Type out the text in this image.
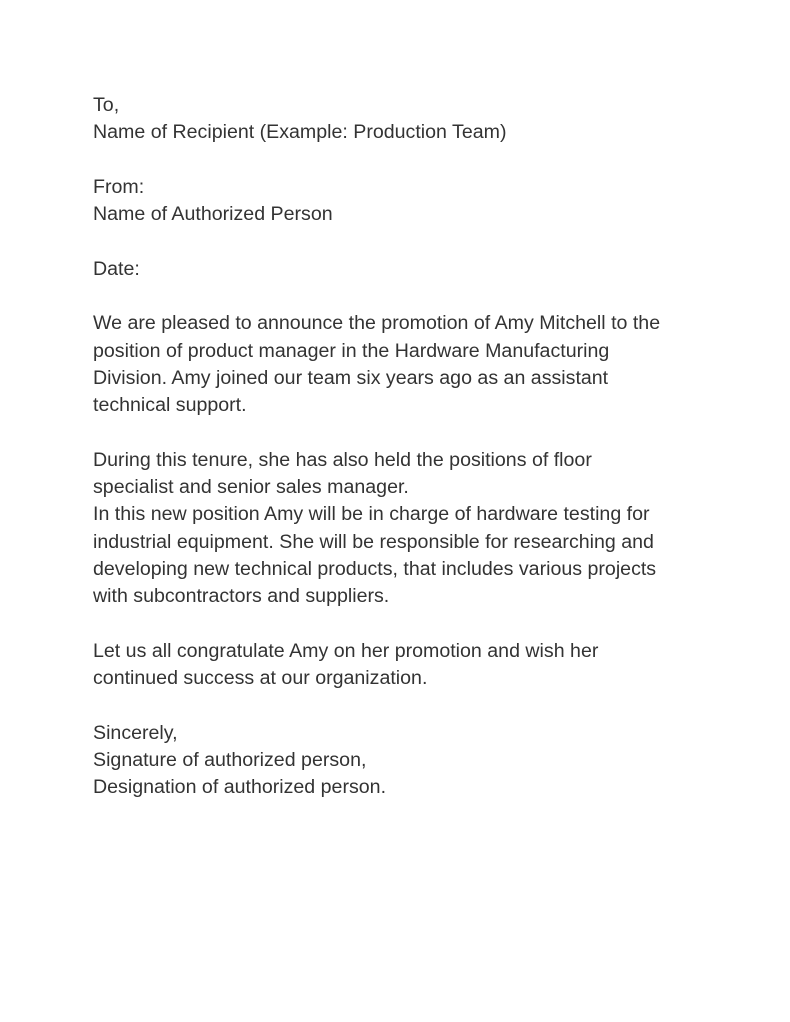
To,
Name of Recipient (Example: Production Team)
From:
Name of Authorized Person
Date:
We are pleased to announce the promotion of Amy Mitchell to the
position of product manager in the Hardware Manufacturing
Division. Amy joined our team six years ago as an assistant
technical support.
During this tenure, she has also held the positions of floor
specialist and senior sales manager.
In this new position Amy will be in charge of hardware testing for
industrial equipment. She will be responsible for researching and
developing new technical products, that includes various projects
with subcontractors and suppliers.
Let us all congratulate Amy on her promotion and wish her
continued success at our organization.
Sincerely,
Signature of authorized person,
Designation of authorized person.
